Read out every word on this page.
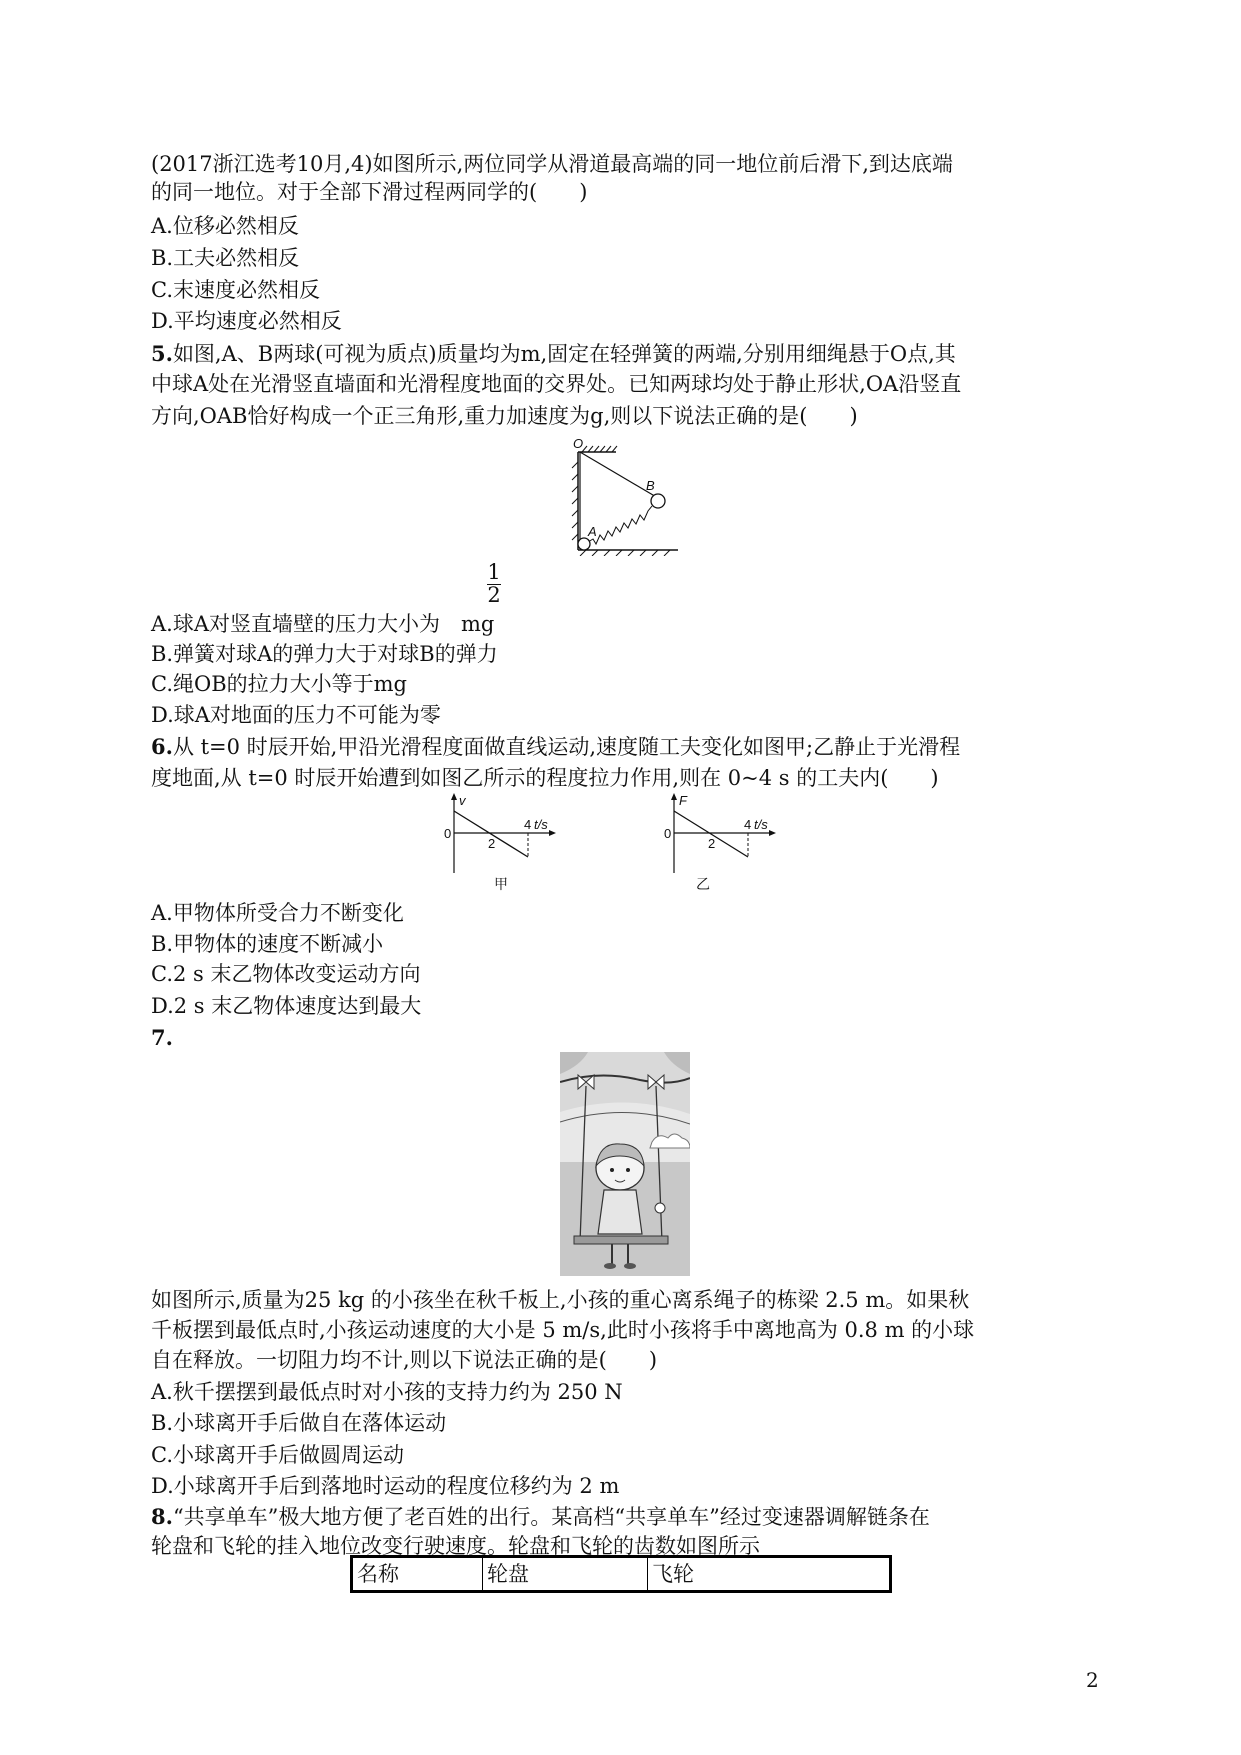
(2017浙江选考10月,4)如图所示,两位同学从滑道最高端的同一地位前后滑下,到达底端
的同一地位。对于全部下滑过程两同学的(　　)
A.位移必然相反
B.工夫必然相反
C.末速度必然相反
D.平均速度必然相反
5.如图,A、B两球(可视为质点)质量均为m,固定在轻弹簧的两端,分别用细绳悬于O点,其
中球A处在光滑竖直墙面和光滑程度地面的交界处。已知两球均处于静止形状,OA沿竖直
方向,OAB恰好构成一个正三角形,重力加速度为g,则以下说法正确的是(　　)
O
A
B
1
2
A.球A对竖直墙壁的压力大小为　mg
B.弹簧对球A的弹力大于对球B的弹力
C.绳OB的拉力大小等于mg
D.球A对地面的压力不可能为零
6.从 t=0 时辰开始,甲沿光滑程度面做直线运动,速度随工夫变化如图甲;乙静止于光滑程
度地面,从 t=0 时辰开始遭到如图乙所示的程度拉力作用,则在 0~4 s 的工夫内(　　)
v
0
2
4 t/s
甲
F
0
2
4 t/s
乙
A.甲物体所受合力不断变化
B.甲物体的速度不断减小
C.2 s 末乙物体改变运动方向
D.2 s 末乙物体速度达到最大
7.
如图所示,质量为25 kg 的小孩坐在秋千板上,小孩的重心离系绳子的栋梁 2.5 m。如果秋
千板摆到最低点时,小孩运动速度的大小是 5 m/s,此时小孩将手中离地高为 0.8 m 的小球
自在释放。一切阻力均不计,则以下说法正确的是(　　)
A.秋千摆摆到最低点时对小孩的支持力约为 250 N
B.小球离开手后做自在落体运动
C.小球离开手后做圆周运动
D.小球离开手后到落地时运动的程度位移约为 2 m
8.“共享单车”极大地方便了老百姓的出行。某高档“共享单车”经过变速器调解链条在
轮盘和飞轮的挂入地位改变行驶速度。轮盘和飞轮的齿数如图所示
名称	轮盘	飞轮
2
